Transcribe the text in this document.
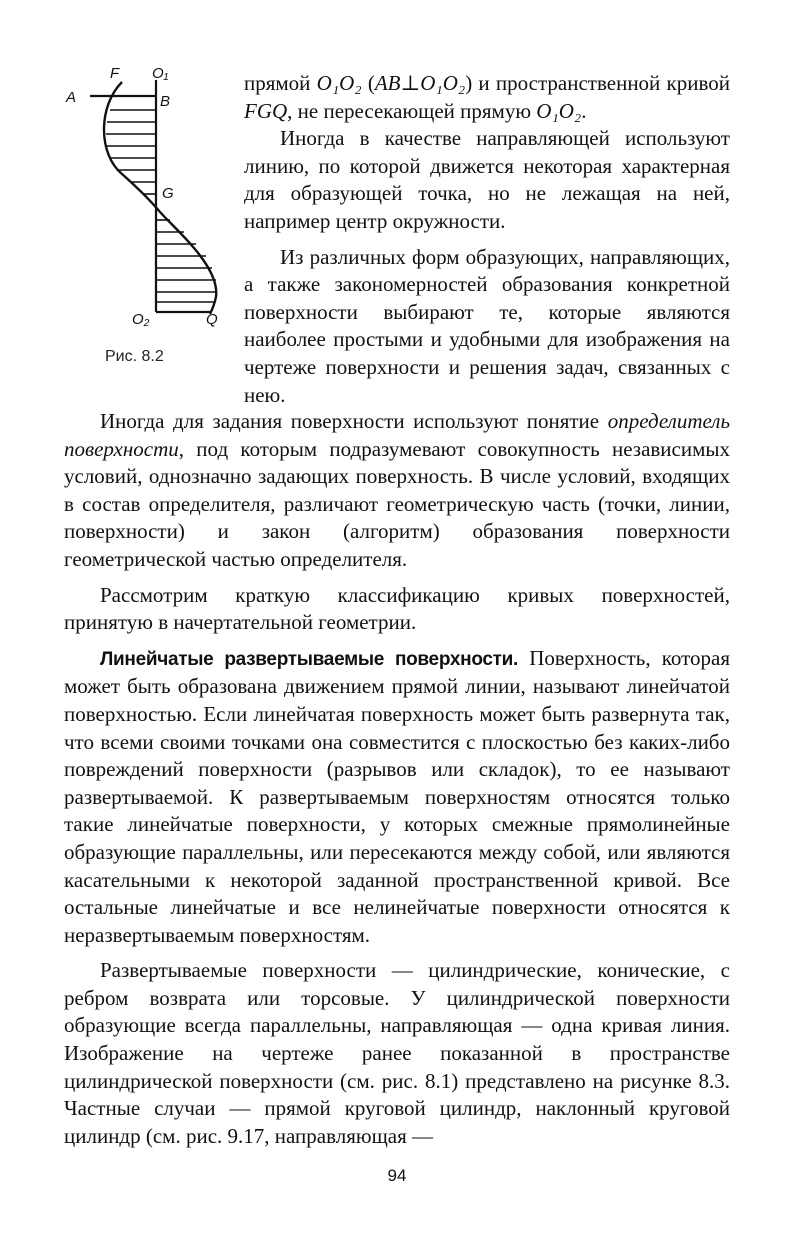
F O₁
A	B
G
O₂	Q
Рис. 8.2

прямой O₁O₂ (AB⊥O₁O₂) и пространственной кривой FGQ, не пересекающей прямую O₁O₂.

Иногда в качестве направляющей используют линию, по которой движется некоторая характерная для образующей точка, но не лежащая на ней, например центр окружности.

Из различных форм образующих, направляющих, а также закономерностей образования конкретной поверхности выбирают те, которые являются наиболее простыми и удобными для изображения на чертеже поверхности и решения задач, связанных с нею.

Иногда для задания поверхности используют понятие определитель поверхности, под которым подразумевают совокупность независимых условий, однозначно задающих поверхность. В числе условий, входящих в состав определителя, различают геометрическую часть (точки, линии, поверхности) и закон (алгоритм) образования поверхности геометрической частью определителя.

Рассмотрим краткую классификацию кривых поверхностей, принятую в начертательной геометрии.

Линейчатые развертываемые поверхности. Поверхность, которая может быть образована движением прямой линии, называют линейчатой поверхностью. Если линейчатая поверхность может быть развернута так, что всеми своими точками она совместится с плоскостью без каких-либо повреждений поверхности (разрывов или складок), то ее называют развертываемой. К развертываемым поверхностям относятся только такие линейчатые поверхности, у которых смежные прямолинейные образующие параллельны, или пересекаются между собой, или являются касательными к некоторой заданной пространственной кривой. Все остальные линейчатые и все нелинейчатые поверхности относятся к неразвертываемым поверхностям.

Развертываемые поверхности — цилиндрические, конические, с ребром возврата или торсовые. У цилиндрической поверхности образующие всегда параллельны, направляющая — одна кривая линия. Изображение на чертеже ранее показанной в пространстве цилиндрической поверхности (см. рис. 8.1) представлено на рисунке 8.3. Частные случаи — прямой круговой цилиндр, наклонный круговой цилиндр (см. рис. 9.17, направляющая —

94
